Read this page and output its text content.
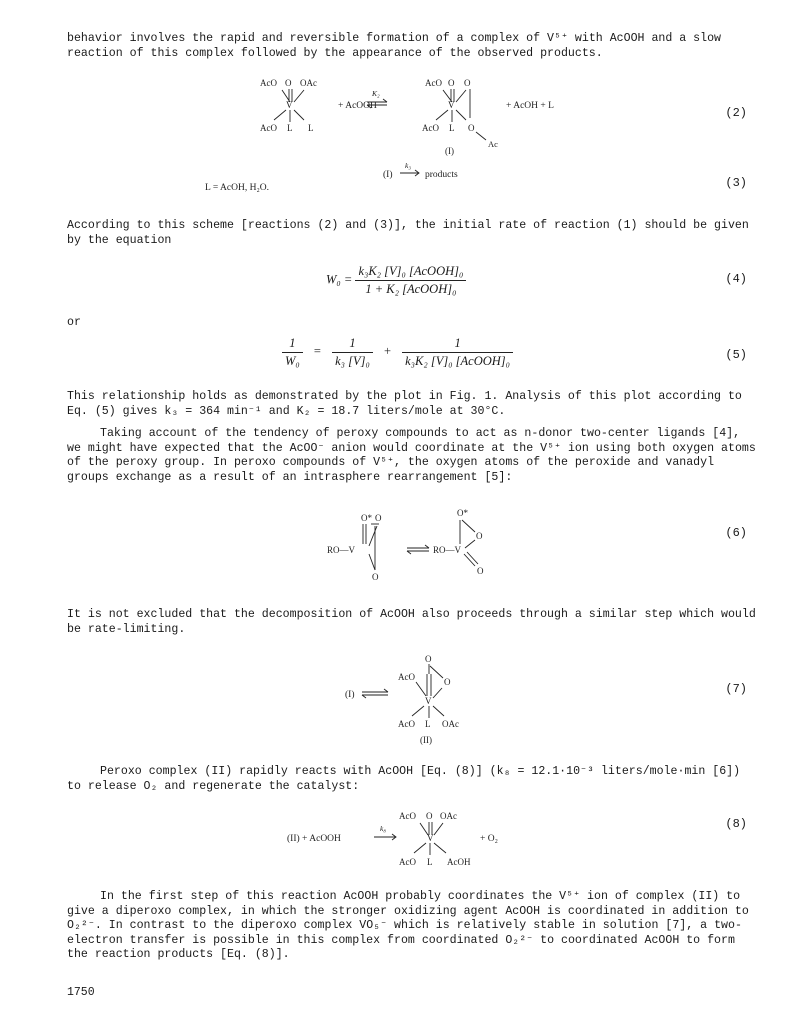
behavior involves the rapid and reversible formation of a complex of V⁵⁺ with AcOOH and a slow reaction of this complex followed by the appearance of the observed products.
AcO O OAc
V
AcO L L
+ AcOOH
K₂
AcO O O
V
AcO L O
Ac
(I)
+ AcOH + L	(2)
(I)
k₃
products
L = AcOH, H₂O.	(3)
According to this scheme [reactions (2) and (3)], the initial rate of reaction (1) should be given by the equation
$W_0 = \frac{\text{k₃K₂ [V]₀ [AcOOH]₀}}{\text{1 + K₂ [AcOOH]₀}}$	(4)
or
$\frac{1}{\text{W₀}} = \frac{1}{\text{k₃ [V]₀}} + \frac{1}{\text{k₃K₂ [V]₀ [AcOOH]₀}}$	(5)
This relationship holds as demonstrated by the plot in Fig. 1. Analysis of this plot according to Eq. (5) gives k₃ = 364 min⁻¹ and K₂ = 18.7 liters/mole at 30°C.
Taking account of the tendency of peroxy compounds to act as n-donor two-center ligands [4], we might have expected that the AcOO⁻ anion would coordinate at the V⁵⁺ ion using both oxygen atoms of the peroxy group. In peroxo compounds of V⁵⁺, the oxygen atoms of the peroxide and vanadyl groups exchange as a result of an intrasphere rearrangement [5]:
RO—V
O* O
O
RO—V
O*
O
O
(6)
It is not excluded that the decomposition of AcOOH also proceeds through a similar step which would be rate-limiting.
(I)
O
AcO	O
V
AcO L OAc
(II)
(7)
Peroxo complex (II) rapidly reacts with AcOOH [Eq. (8)] (k₈ = 12.1·10⁻³ liters/mole·min [6]) to release O₂ and regenerate the catalyst:
(II) + AcOOH
k₈
AcO O OAc
V
AcO L AcOH
+ O₂
(8)
In the first step of this reaction AcOOH probably coordinates the V⁵⁺ ion of complex (II) to give a diperoxo complex, in which the stronger oxidizing agent AcOOH is coordinated in addition to O₂²⁻. In contrast to the diperoxo complex VO₅⁻ which is relatively stable in solution [7], a two-electron transfer is possible in this complex from coordinated O₂²⁻ to coordinated AcOOH to form the reaction products [Eq. (8)].
1750
